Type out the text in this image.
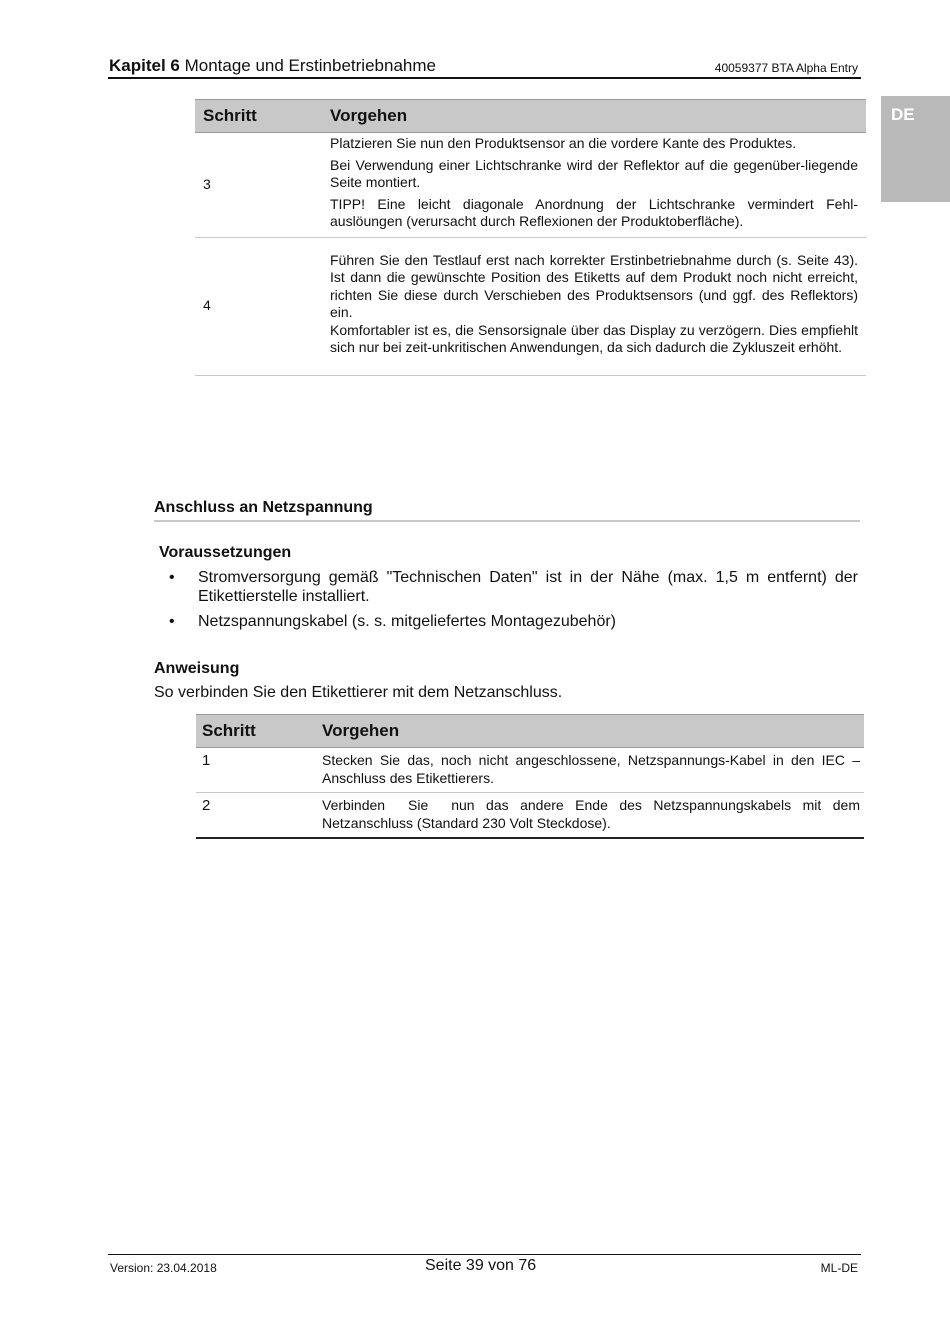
Kapitel 6 Montage und Erstinbetriebnahme	40059377 BTA Alpha Entry
DE
Schritt	Vorgehen
3	Platzieren Sie nun den Produktsensor an die vordere Kante des Produktes.

Bei Verwendung einer Lichtschranke wird der Reflektor auf die gegenüber-liegende Seite montiert.

TIPP! Eine leicht diagonale Anordnung der Lichtschranke vermindert Fehl-auslöungen (verursacht durch Reflexionen der Produktoberfläche).

4	Führen Sie den Testlauf erst nach korrekter Erstinbetriebnahme durch (s. Seite 43). Ist dann die gewünschte Position des Etiketts auf dem Produkt noch nicht erreicht, richten Sie diese durch Verschieben des Produktsensors (und ggf. des Reflektors) ein.

Komfortabler ist es, die Sensorsignale über das Display zu verzögern. Dies empfiehlt sich nur bei zeit-unkritischen Anwendungen, da sich dadurch die Zykluszeit erhöht.

Anschluss an Netzspannung
Voraussetzungen
• Stromversorgung gemäß "Technischen Daten" ist in der Nähe (max. 1,5 m entfernt) der Etikettierstelle installiert.
• Netzspannungskabel (s. s. mitgeliefertes Montagezubehör)
Anweisung
So verbinden Sie den Etikettierer mit dem Netzanschluss.
Schritt	Vorgehen
1	Stecken Sie das, noch nicht angeschlossene, Netzspannungs-Kabel in den IEC – Anschluss des Etikettierers.
2	Verbinden  Sie  nun das andere Ende des Netzspannungskabels mit dem Netzanschluss (Standard 230 Volt Steckdose).
Version: 23.04.2018	Seite 39 von 76	ML-DE
